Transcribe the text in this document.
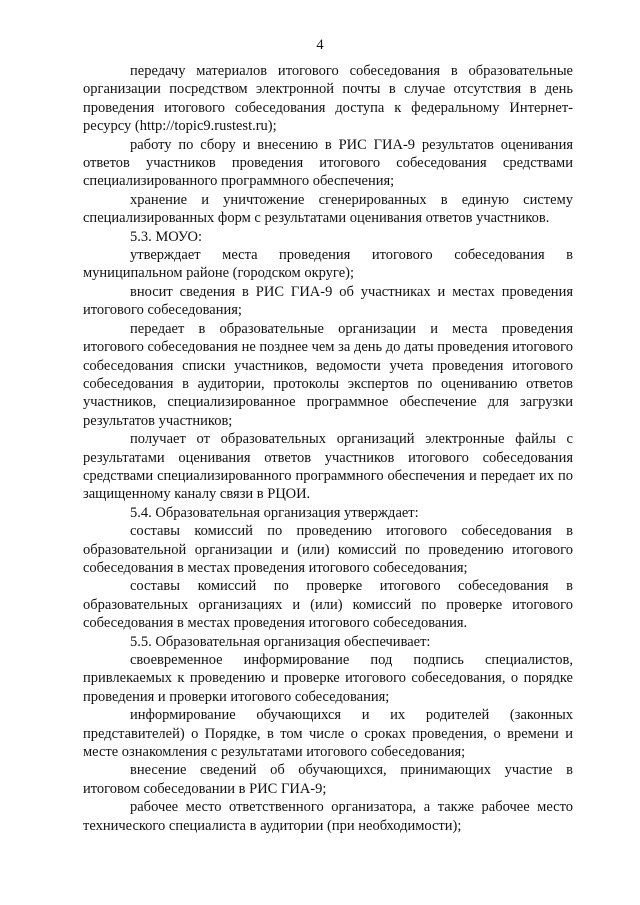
4

передачу материалов итогового собеседования в образовательные организации посредством электронной почты в случае отсутствия в день проведения итогового собеседования доступа к федеральному Интернет-ресурсу (http://topic9.rustest.ru);

работу по сбору и внесению в РИС ГИА-9 результатов оценивания ответов участников проведения итогового собеседования средствами специализированного программного обеспечения;

хранение и уничтожение сгенерированных в единую систему специализированных форм с результатами оценивания ответов участников.

5.3. МОУО:

утверждает места проведения итогового собеседования в муниципальном районе (городском округе);

вносит сведения в РИС ГИА-9 об участниках и местах проведения итогового собеседования;

передает в образовательные организации и места проведения итогового собеседования не позднее чем за день до даты проведения итогового собеседования списки участников, ведомости учета проведения итогового собеседования в аудитории, протоколы экспертов по оцениванию ответов участников, специализированное программное обеспечение для загрузки результатов участников;

получает от образовательных организаций электронные файлы с результатами оценивания ответов участников итогового собеседования средствами специализированного программного обеспечения и передает их по защищенному каналу связи в РЦОИ.

5.4. Образовательная организация утверждает:

составы комиссий по проведению итогового собеседования в образовательной организации и (или) комиссий по проведению итогового собеседования в местах проведения итогового собеседования;

составы комиссий по проверке итогового собеседования в образовательных организациях и (или) комиссий по проверке итогового собеседования в местах проведения итогового собеседования.

5.5. Образовательная организация обеспечивает:

своевременное информирование под подпись специалистов, привлекаемых к проведению и проверке итогового собеседования, о порядке проведения и проверки итогового собеседования;

информирование обучающихся и их родителей (законных представителей) о Порядке, в том числе о сроках проведения, о времени и месте ознакомления с результатами итогового собеседования;

внесение сведений об обучающихся, принимающих участие в итоговом собеседовании в РИС ГИА-9;

рабочее место ответственного организатора, а также рабочее место технического специалиста в аудитории (при необходимости);
